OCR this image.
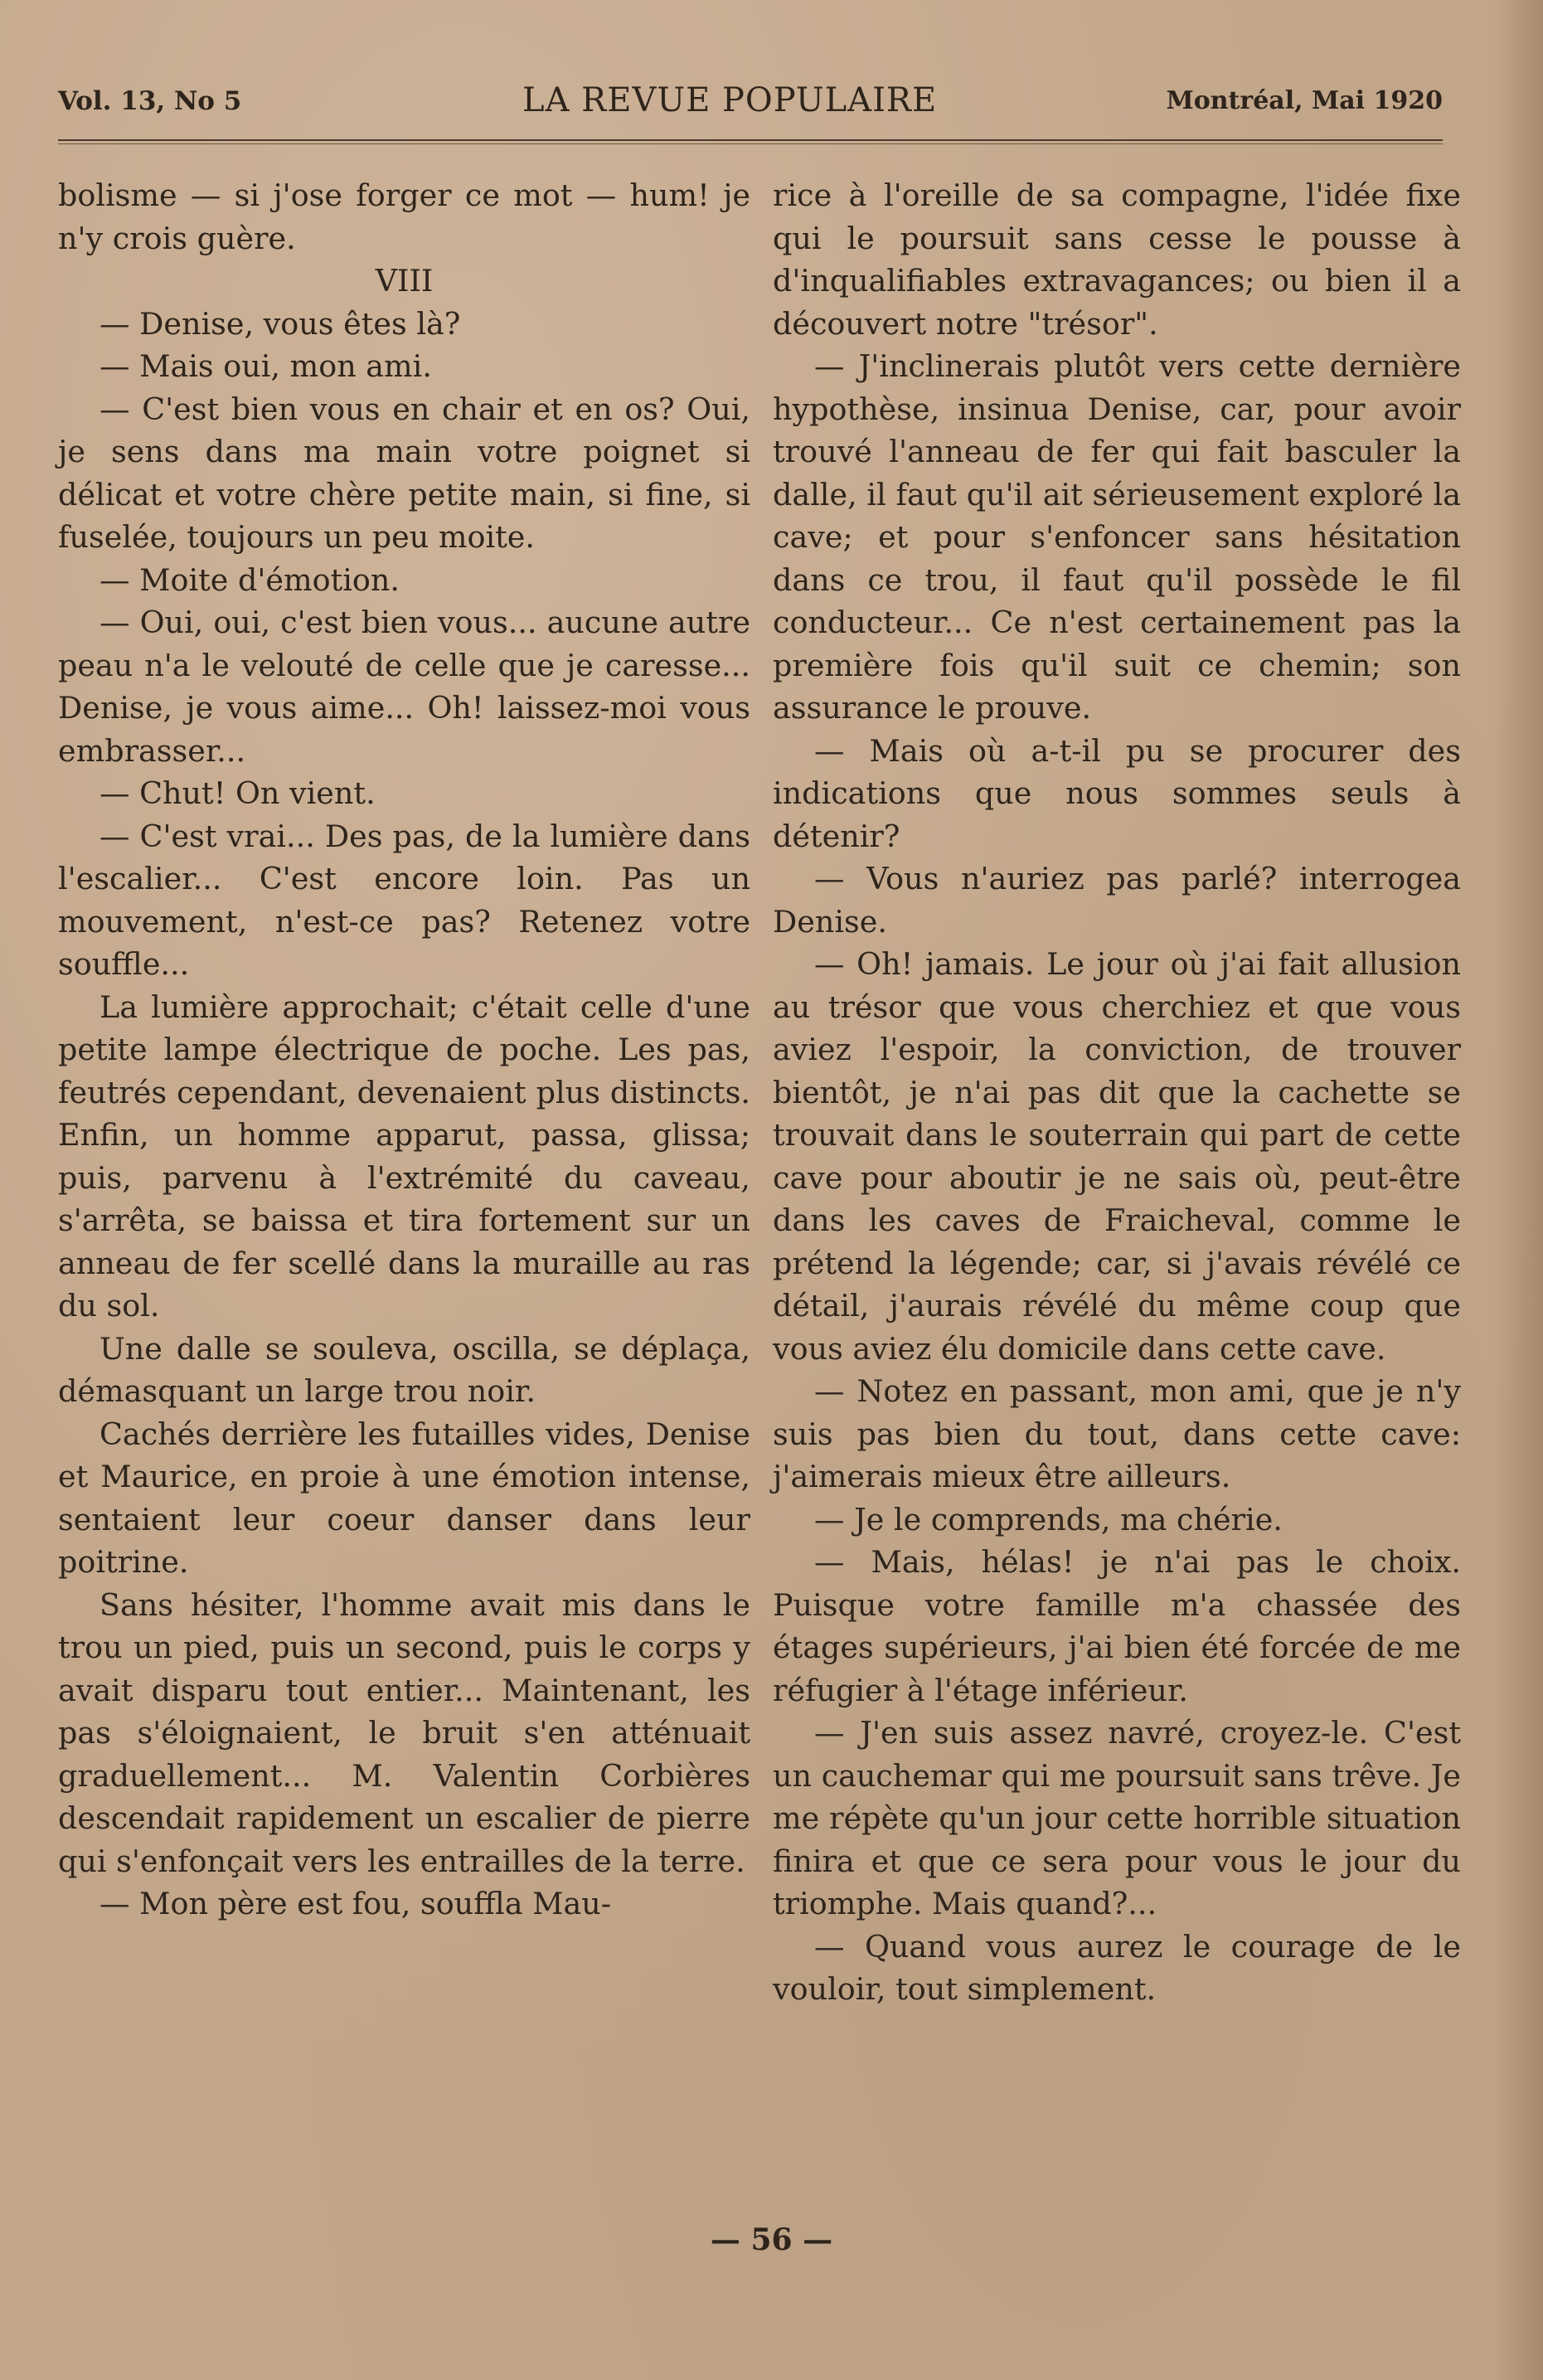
Vol. 13, No 5	LA REVUE POPULAIRE	Montréal, Mai 1920

bolisme — si j'ose forger ce mot — hum! je n'y crois guère.

VIII

— Denise, vous êtes là?

— Mais oui, mon ami.

— C'est bien vous en chair et en os? Oui, je sens dans ma main votre poignet si délicat et votre chère petite main, si fine, si fuselée, toujours un peu moite.

— Moite d'émotion.

— Oui, oui, c'est bien vous... aucune autre peau n'a le velouté de celle que je caresse... Denise, je vous aime... Oh! laissez-moi vous embrasser...

— Chut! On vient.

— C'est vrai... Des pas, de la lumière dans l'escalier... C'est encore loin. Pas un mouvement, n'est-ce pas? Retenez votre souffle...

La lumière approchait; c'était celle d'une petite lampe électrique de poche. Les pas, feutrés cependant, devenaient plus distincts. Enfin, un homme apparut, passa, glissa; puis, parvenu à l'extrémité du caveau, s'arrêta, se baissa et tira fortement sur un anneau de fer scellé dans la muraille au ras du sol.

Une dalle se souleva, oscilla, se déplaça, démasquant un large trou noir.

Cachés derrière les futailles vides, Denise et Maurice, en proie à une émotion intense, sentaient leur coeur danser dans leur poitrine.

Sans hésiter, l'homme avait mis dans le trou un pied, puis un second, puis le corps y avait disparu tout entier... Maintenant, les pas s'éloignaient, le bruit s'en atténuait graduellement... M. Valentin Corbières descendait rapidement un escalier de pierre qui s'enfonçait vers les entrailles de la terre.

— Mon père est fou, souffla Mau-

rice à l'oreille de sa compagne, l'idée fixe qui le poursuit sans cesse le pousse à d'inqualifiables extravagances; ou bien il a découvert notre "trésor".

— J'inclinerais plutôt vers cette dernière hypothèse, insinua Denise, car, pour avoir trouvé l'anneau de fer qui fait basculer la dalle, il faut qu'il ait sérieusement exploré la cave; et pour s'enfoncer sans hésitation dans ce trou, il faut qu'il possède le fil conducteur... Ce n'est certainement pas la première fois qu'il suit ce chemin; son assurance le prouve.

— Mais où a-t-il pu se procurer des indications que nous sommes seuls à détenir?

— Vous n'auriez pas parlé? interrogea Denise.

— Oh! jamais. Le jour où j'ai fait allusion au trésor que vous cherchiez et que vous aviez l'espoir, la conviction, de trouver bientôt, je n'ai pas dit que la cachette se trouvait dans le souterrain qui part de cette cave pour aboutir je ne sais où, peut-être dans les caves de Fraicheval, comme le prétend la légende; car, si j'avais révélé ce détail, j'aurais révélé du même coup que vous aviez élu domicile dans cette cave.

— Notez en passant, mon ami, que je n'y suis pas bien du tout, dans cette cave: j'aimerais mieux être ailleurs.

— Je le comprends, ma chérie.

— Mais, hélas! je n'ai pas le choix. Puisque votre famille m'a chassée des étages supérieurs, j'ai bien été forcée de me réfugier à l'étage inférieur.

— J'en suis assez navré, croyez-le. C'est un cauchemar qui me poursuit sans trêve. Je me répète qu'un jour cette horrible situation finira et que ce sera pour vous le jour du triomphe. Mais quand?...

— Quand vous aurez le courage de le vouloir, tout simplement.

— 56 —
